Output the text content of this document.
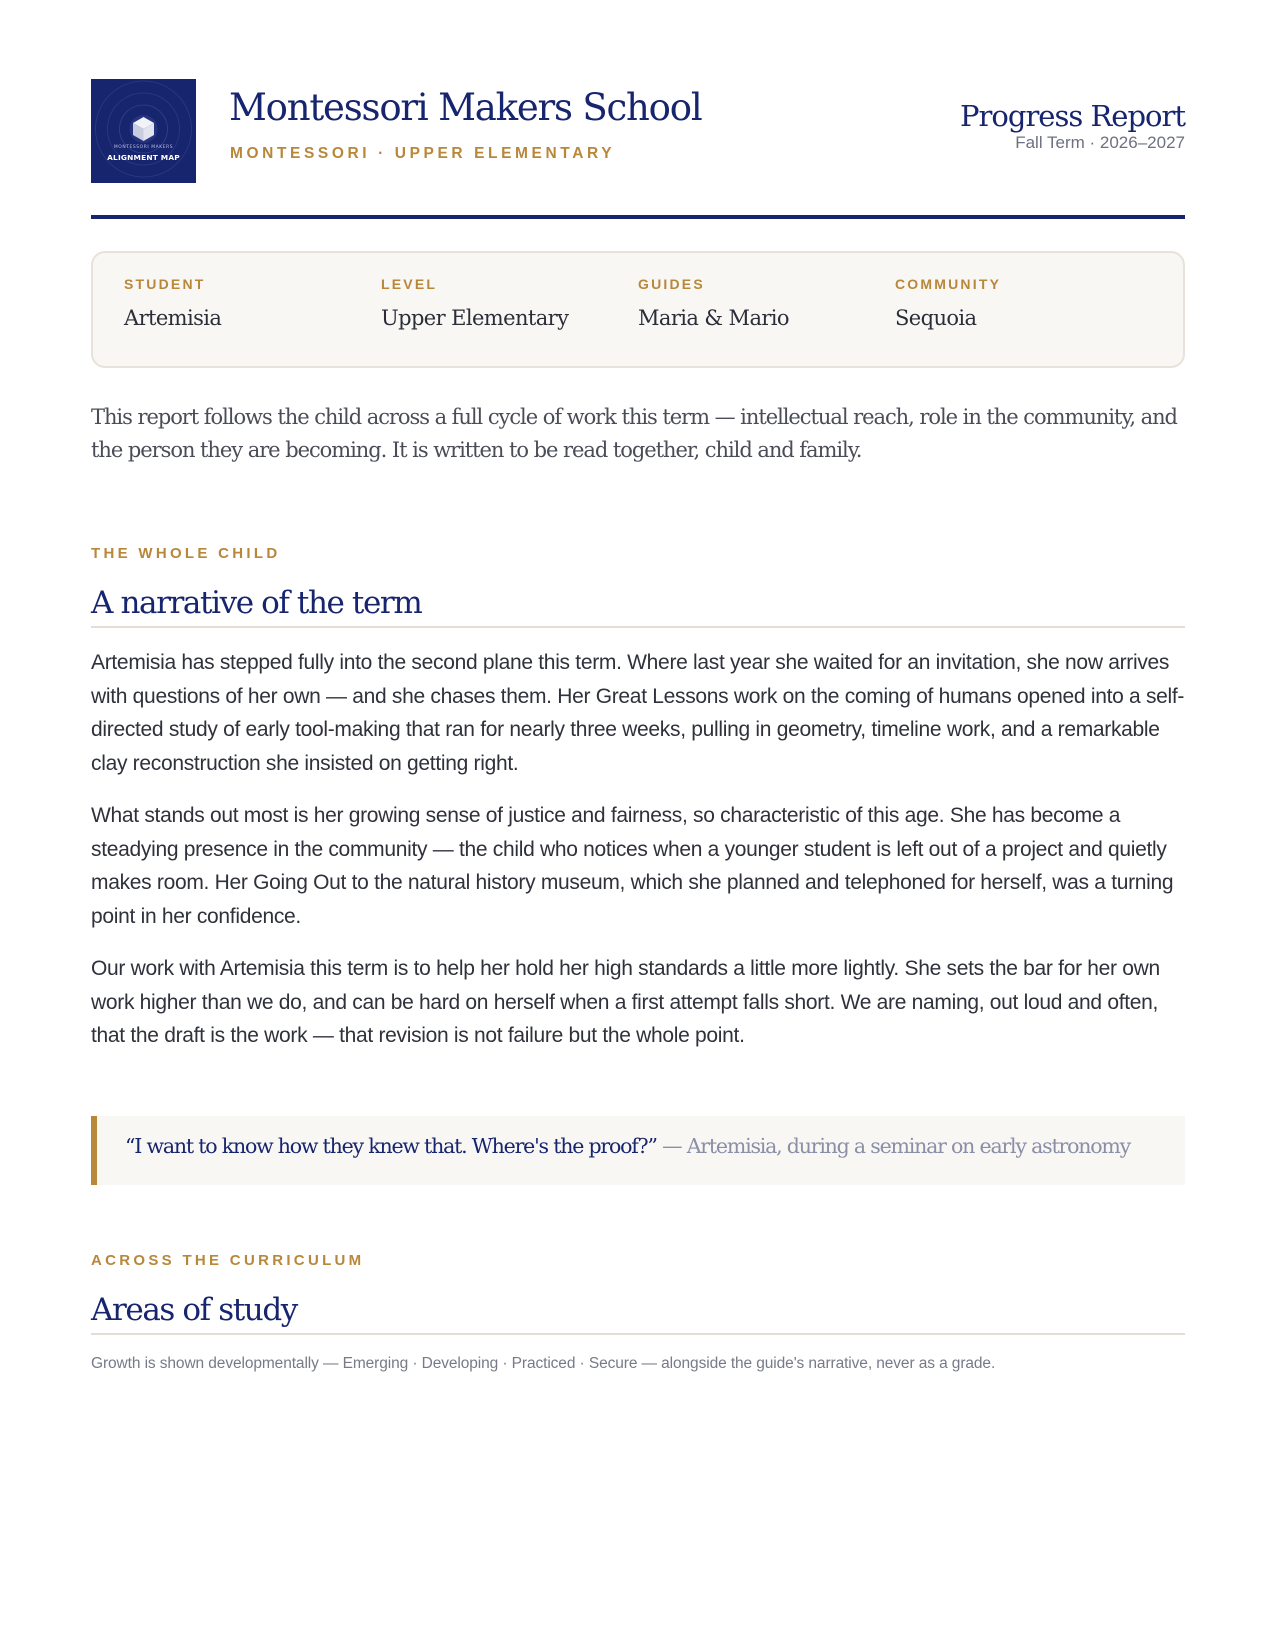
MONTESSORI MAKERS
ALIGNMENT MAP
Montessori Makers School
MONTESSORI · UPPER ELEMENTARY
Progress Report
Fall Term · 2026–2027
STUDENT
Artemisia
LEVEL
Upper Elementary
GUIDES
Maria & Mario
COMMUNITY
Sequoia

This report follows the child across a full cycle of work this term — intellectual reach, role in the community, and the person they are becoming. It is written to be read together, child and family.

THE WHOLE CHILD
A narrative of the term

Artemisia has stepped fully into the second plane this term. Where last year she waited for an invitation, she now arrives with questions of her own — and she chases them. Her Great Lessons work on the coming of humans opened into a self-directed study of early tool-making that ran for nearly three weeks, pulling in geometry, timeline work, and a remarkable clay reconstruction she insisted on getting right.

What stands out most is her growing sense of justice and fairness, so characteristic of this age. She has become a steadying presence in the community — the child who notices when a younger student is left out of a project and quietly makes room. Her Going Out to the natural history museum, which she planned and telephoned for herself, was a turning point in her confidence.

Our work with Artemisia this term is to help her hold her high standards a little more lightly. She sets the bar for her own work higher than we do, and can be hard on herself when a first attempt falls short. We are naming, out loud and often, that the draft is the work — that revision is not failure but the whole point.

“I want to know how they knew that. Where's the proof?” — Artemisia, during a seminar on early astronomy
ACROSS THE CURRICULUM
Areas of study
Growth is shown developmentally — Emerging · Developing · Practiced · Secure — alongside the guide's narrative, never as a grade.
